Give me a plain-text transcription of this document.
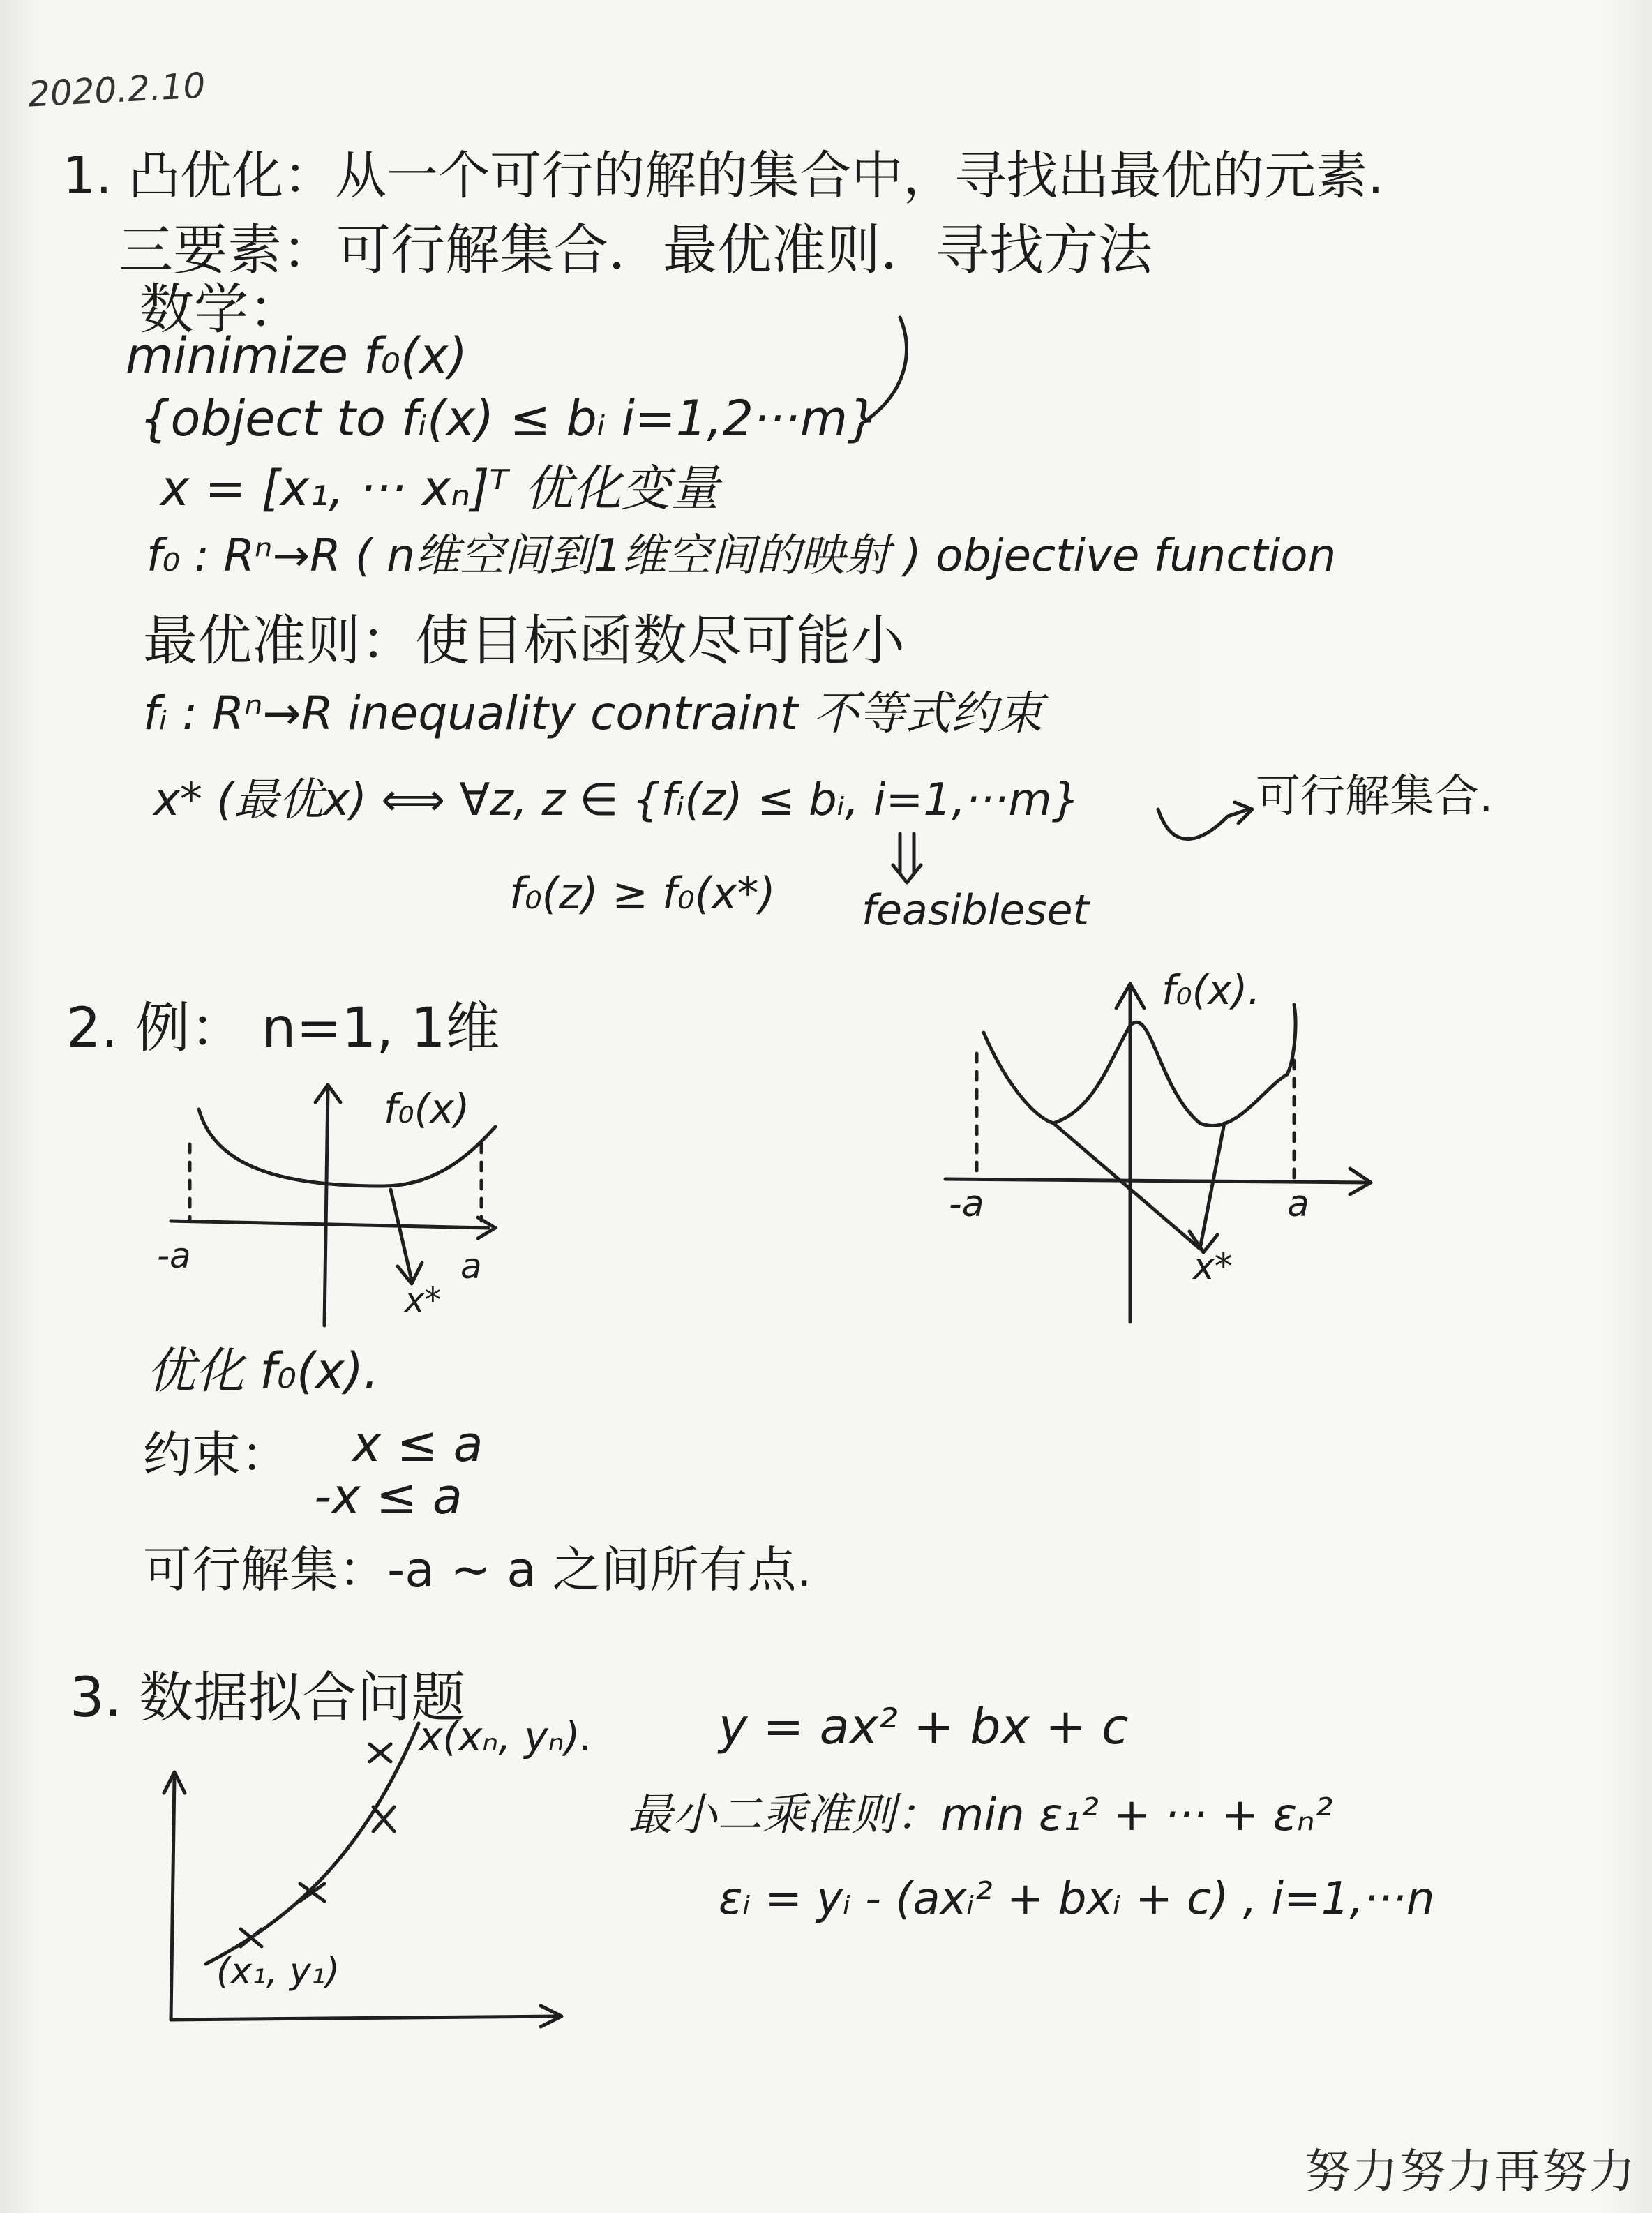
2020.2.10
1. 凸优化：从一个可行的解的集合中，寻找出最优的元素.
三要素：可行解集合．最优准则．寻找方法
数学：
minimize f₀(x)
{object to fᵢ(x) ≤ bᵢ i=1,2···m}
x = [x₁, ··· xₙ]ᵀ 优化变量
f₀ : Rⁿ→R ( n维空间到1维空间的映射 ) objective function
最优准则：使目标函数尽可能小
fᵢ : Rⁿ→R inequality contraint 不等式约束
x* (最优x) ⟺ ∀z, z ∈ {fᵢ(z) ≤ bᵢ, i=1,···m}	可行解集合.
f₀(z) ≥ f₀(x*) feasibleset
2. 例： n=1, 1维
f₀(x)
-a	a
x*
f₀(x).
-a	a
x*
优化 f₀(x).
约束： x ≤ a
-x ≤ a
可行解集：-a ~ a 之间所有点.
3. 数据拟合问题
x(xₙ, yₙ).
(x₁, y₁)
y = ax² + bx + c
最小二乘准则：min ε₁² + ··· + εₙ²
εᵢ = yᵢ - (axᵢ² + bxᵢ + c) , i=1,···n
努力努力再努力
